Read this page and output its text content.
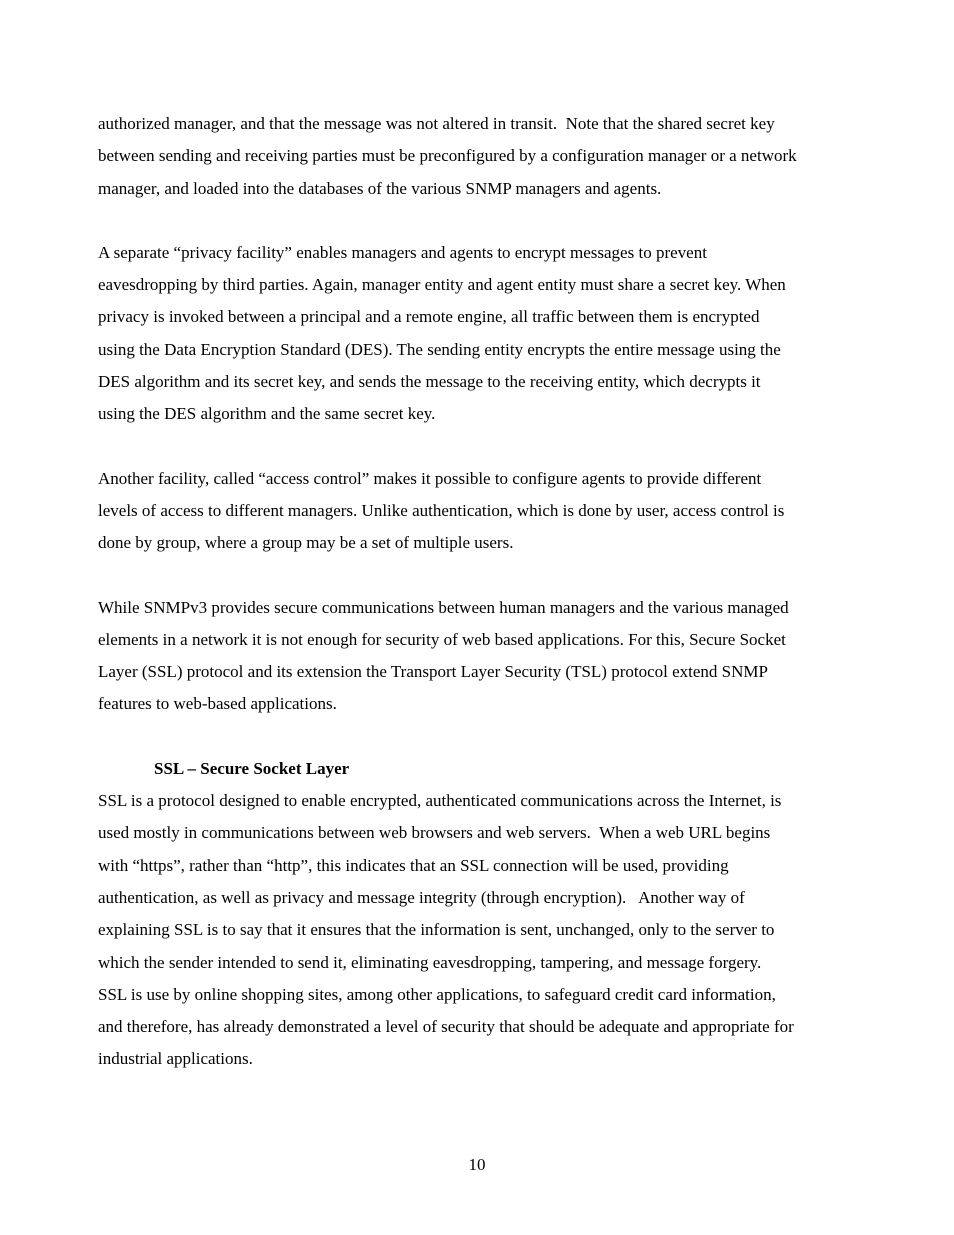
authorized manager, and that the message was not altered in transit.  Note that the shared secret key
between sending and receiving parties must be preconfigured by a configuration manager or a network
manager, and loaded into the databases of the various SNMP managers and agents.

A separate “privacy facility” enables managers and agents to encrypt messages to prevent
eavesdropping by third parties. Again, manager entity and agent entity must share a secret key. When
privacy is invoked between a principal and a remote engine, all traffic between them is encrypted
using the Data Encryption Standard (DES). The sending entity encrypts the entire message using the
DES algorithm and its secret key, and sends the message to the receiving entity, which decrypts it
using the DES algorithm and the same secret key.

Another facility, called “access control” makes it possible to configure agents to provide different
levels of access to different managers. Unlike authentication, which is done by user, access control is
done by group, where a group may be a set of multiple users.

While SNMPv3 provides secure communications between human managers and the various managed
elements in a network it is not enough for security of web based applications. For this, Secure Socket
Layer (SSL) protocol and its extension the Transport Layer Security (TSL) protocol extend SNMP
features to web-based applications.

SSL – Secure Socket Layer

SSL is a protocol designed to enable encrypted, authenticated communications across the Internet, is
used mostly in communications between web browsers and web servers.  When a web URL begins
with “https”, rather than “http”, this indicates that an SSL connection will be used, providing
authentication, as well as privacy and message integrity (through encryption).   Another way of
explaining SSL is to say that it ensures that the information is sent, unchanged, only to the server to
which the sender intended to send it, eliminating eavesdropping, tampering, and message forgery.
SSL is use by online shopping sites, among other applications, to safeguard credit card information,
and therefore, has already demonstrated a level of security that should be adequate and appropriate for
industrial applications.

10
